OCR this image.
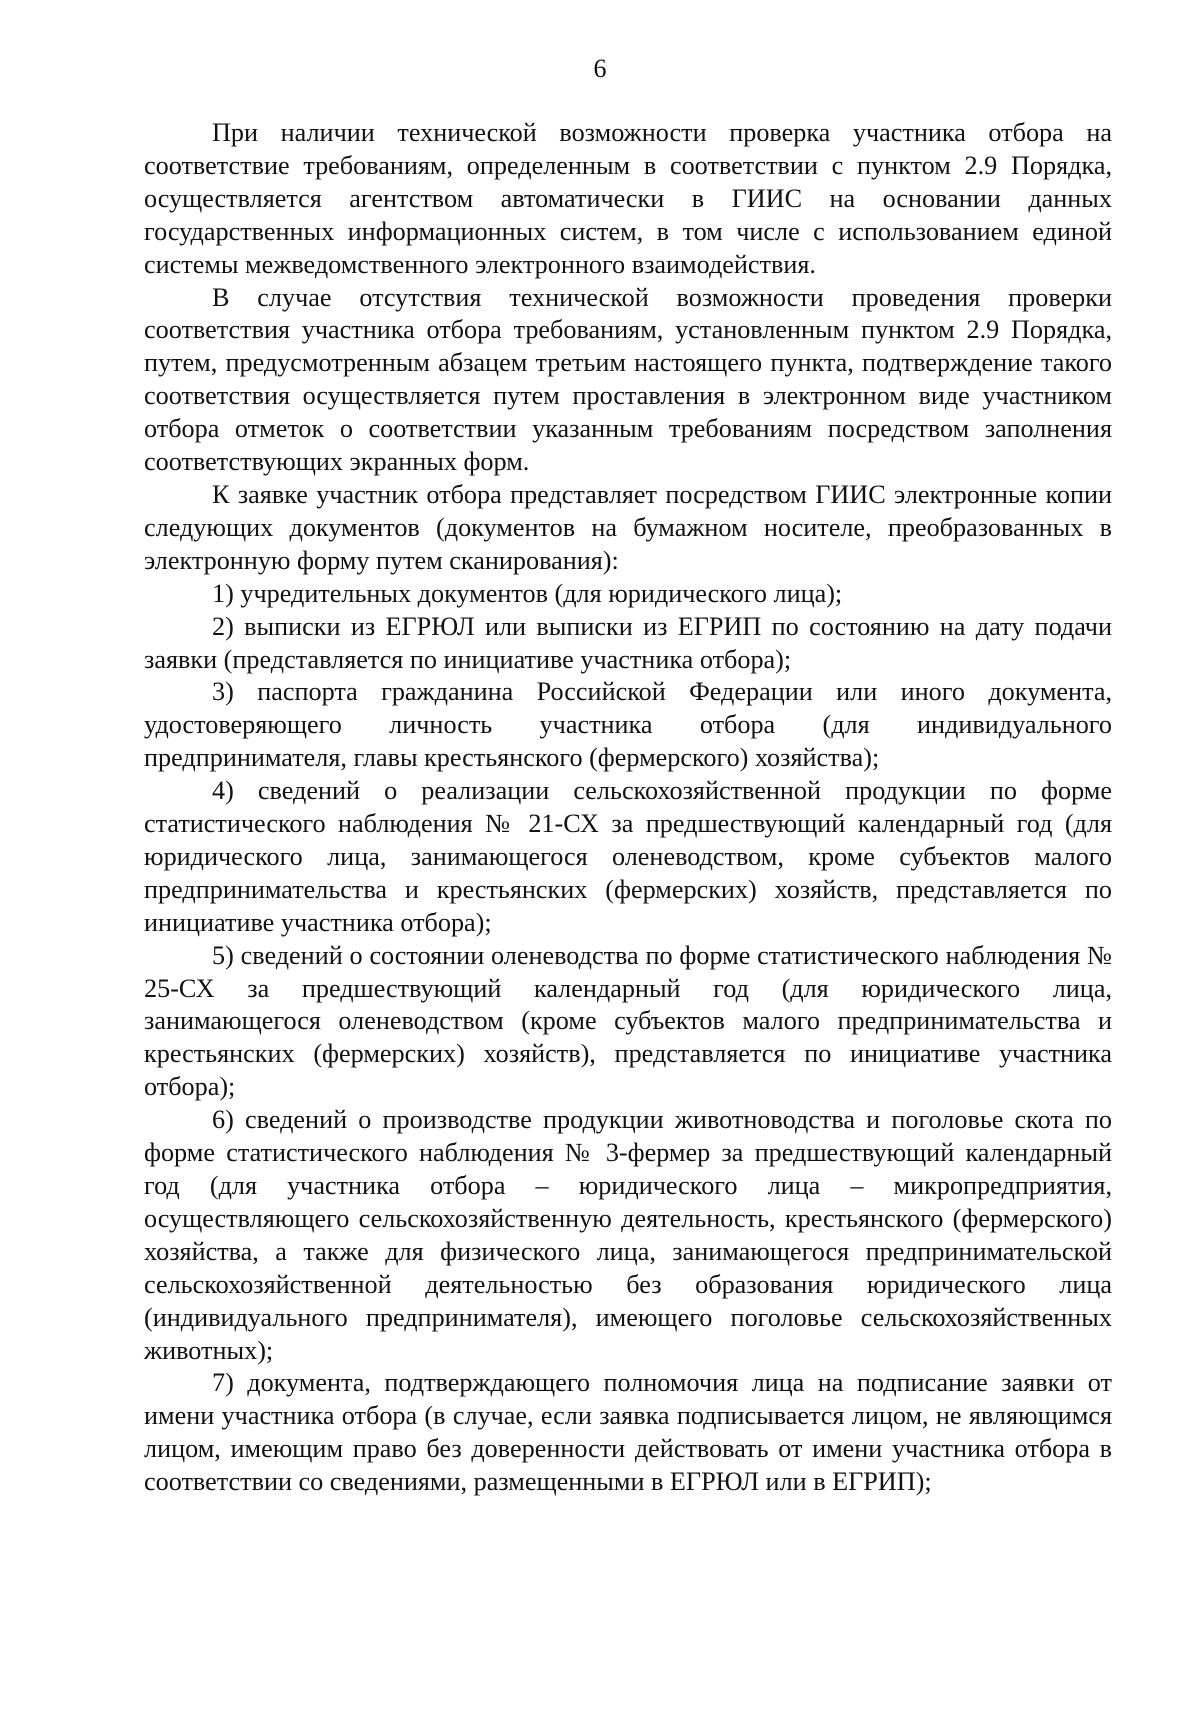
6

При наличии технической возможности проверка участника отбора на соответствие требованиям, определенным в соответствии с пунктом 2.9 Порядка, осуществляется агентством автоматически в ГИИС на основании данных государственных информационных систем, в том числе с использованием единой системы межведомственного электронного взаимодействия.

В случае отсутствия технической возможности проведения проверки соответствия участника отбора требованиям, установленным пунктом 2.9 Порядка, путем, предусмотренным абзацем третьим настоящего пункта, подтверждение такого соответствия осуществляется путем проставления в электронном виде участником отбора отметок о соответствии указанным требованиям посредством заполнения соответствующих экранных форм.

К заявке участник отбора представляет посредством ГИИС электронные копии следующих документов (документов на бумажном носителе, преобразованных в электронную форму путем сканирования):

1) учредительных документов (для юридического лица);

2) выписки из ЕГРЮЛ или выписки из ЕГРИП по состоянию на дату подачи заявки (представляется по инициативе участника отбора);

3) паспорта гражданина Российской Федерации или иного документа, удостоверяющего личность участника отбора (для индивидуального предпринимателя, главы крестьянского (фермерского) хозяйства);

4) сведений о реализации сельскохозяйственной продукции по форме статистического наблюдения № 21-СХ за предшествующий календарный год (для юридического лица, занимающегося оленеводством, кроме субъектов малого предпринимательства и крестьянских (фермерских) хозяйств, представляется по инициативе участника отбора);

5) сведений о состоянии оленеводства по форме статистического наблюдения № 25-СХ за предшествующий календарный год (для юридического лица, занимающегося оленеводством (кроме субъектов малого предпринимательства и крестьянских (фермерских) хозяйств), представляется по инициативе участника отбора);

6) сведений о производстве продукции животноводства и поголовье скота по форме статистического наблюдения № 3-фермер за предшествующий календарный год (для участника отбора – юридического лица – микропредприятия, осуществляющего сельскохозяйственную деятельность, крестьянского (фермерского) хозяйства, а также для физического лица, занимающегося предпринимательской сельскохозяйственной деятельностью без образования юридического лица (индивидуального предпринимателя), имеющего поголовье сельскохозяйственных животных);

7) документа, подтверждающего полномочия лица на подписание заявки от имени участника отбора (в случае, если заявка подписывается лицом, не являющимся лицом, имеющим право без доверенности действовать от имени участника отбора в соответствии со сведениями, размещенными в ЕГРЮЛ или в ЕГРИП);
